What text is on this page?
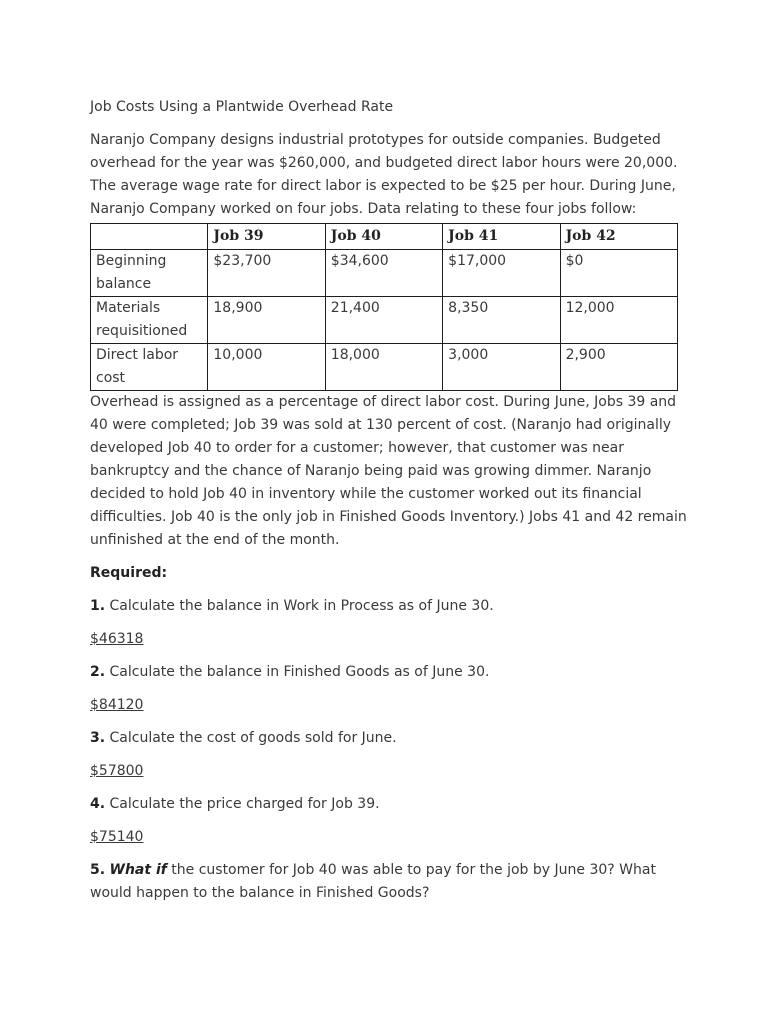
Job Costs Using a Plantwide Overhead Rate

Naranjo Company designs industrial prototypes for outside companies. Budgeted overhead for the year was $260,000, and budgeted direct labor hours were 20,000. The average wage rate for direct labor is expected to be $25 per hour. During June, Naranjo Company worked on four jobs. Data relating to these four jobs follow:

	Job 39	Job 40	Job 41	Job 42
Beginning balance	$23,700	$34,600	$17,000	$0
Materials requisitioned	18,900	21,400	8,350	12,000
Direct labor cost	10,000	18,000	3,000	2,900

Overhead is assigned as a percentage of direct labor cost. During June, Jobs 39 and 40 were completed; Job 39 was sold at 130 percent of cost. (Naranjo had originally developed Job 40 to order for a customer; however, that customer was near bankruptcy and the chance of Naranjo being paid was growing dimmer. Naranjo decided to hold Job 40 in inventory while the customer worked out its financial difficulties. Job 40 is the only job in Finished Goods Inventory.) Jobs 41 and 42 remain unfinished at the end of the month.

Required:

1. Calculate the balance in Work in Process as of June 30.

$46318

2. Calculate the balance in Finished Goods as of June 30.

$84120

3. Calculate the cost of goods sold for June.

$57800

4. Calculate the price charged for Job 39.

$75140

5. What if the customer for Job 40 was able to pay for the job by June 30? What would happen to the balance in Finished Goods?
